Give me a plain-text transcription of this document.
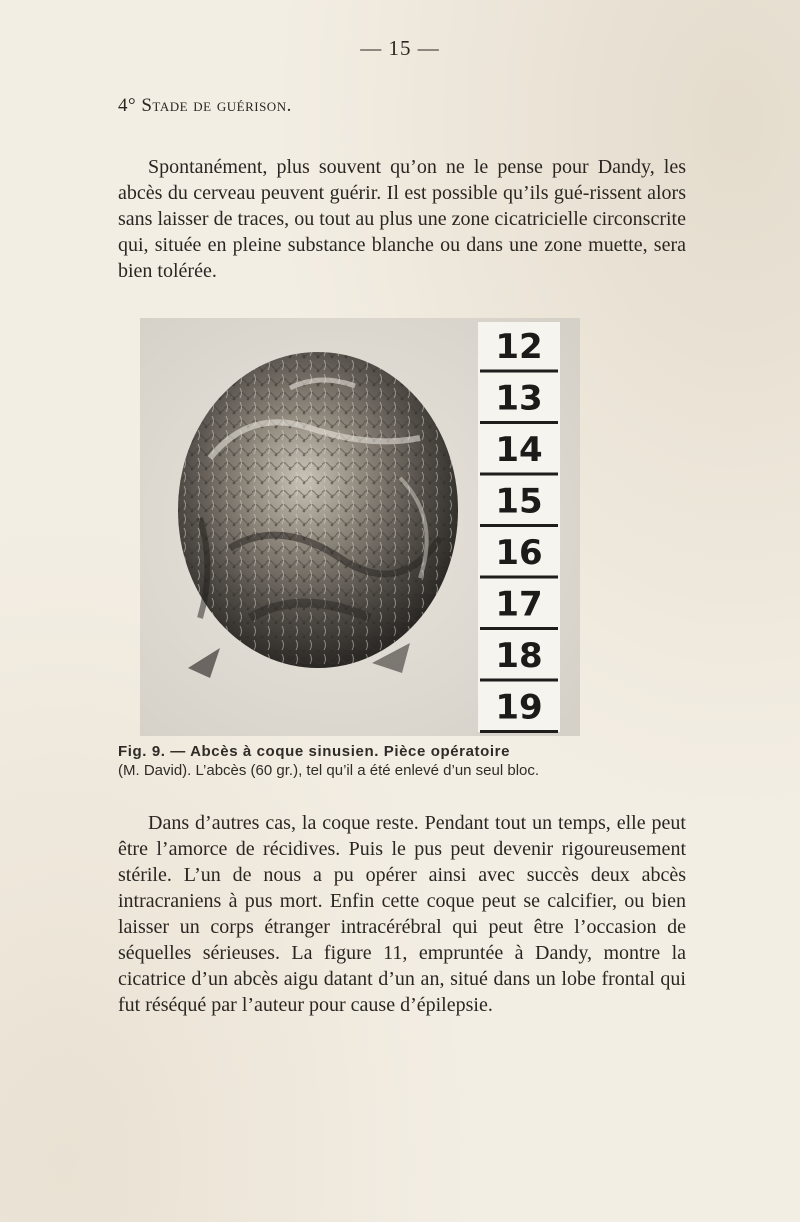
— 15 —
4° Stade de guérison.

Spontanément, plus souvent qu’on ne le pense pour Dandy, les abcès du cerveau peuvent guérir. Il est possible qu’ils gué-rissent alors sans laisser de traces, ou tout au plus une zone cicatricielle circonscrite qui, située en pleine substance blanche ou dans une zone muette, sera bien tolérée.

12
13
14
15
16
17
18
19

Fig. 9. — Abcès à coque sinusien. Pièce opératoire
(M. David). L’abcès (60 gr.), tel qu’il a été enlevé d’un seul bloc.

Dans d’autres cas, la coque reste. Pendant tout un temps, elle peut être l’amorce de récidives. Puis le pus peut devenir rigoureusement stérile. L’un de nous a pu opérer ainsi avec succès deux abcès intracraniens à pus mort. Enfin cette coque peut se calcifier, ou bien laisser un corps étranger intracérébral qui peut être l’occasion de séquelles sérieuses. La figure 11, empruntée à Dandy, montre la cicatrice d’un abcès aigu datant d’un an, situé dans un lobe frontal qui fut réséqué par l’auteur pour cause d’épilepsie.
